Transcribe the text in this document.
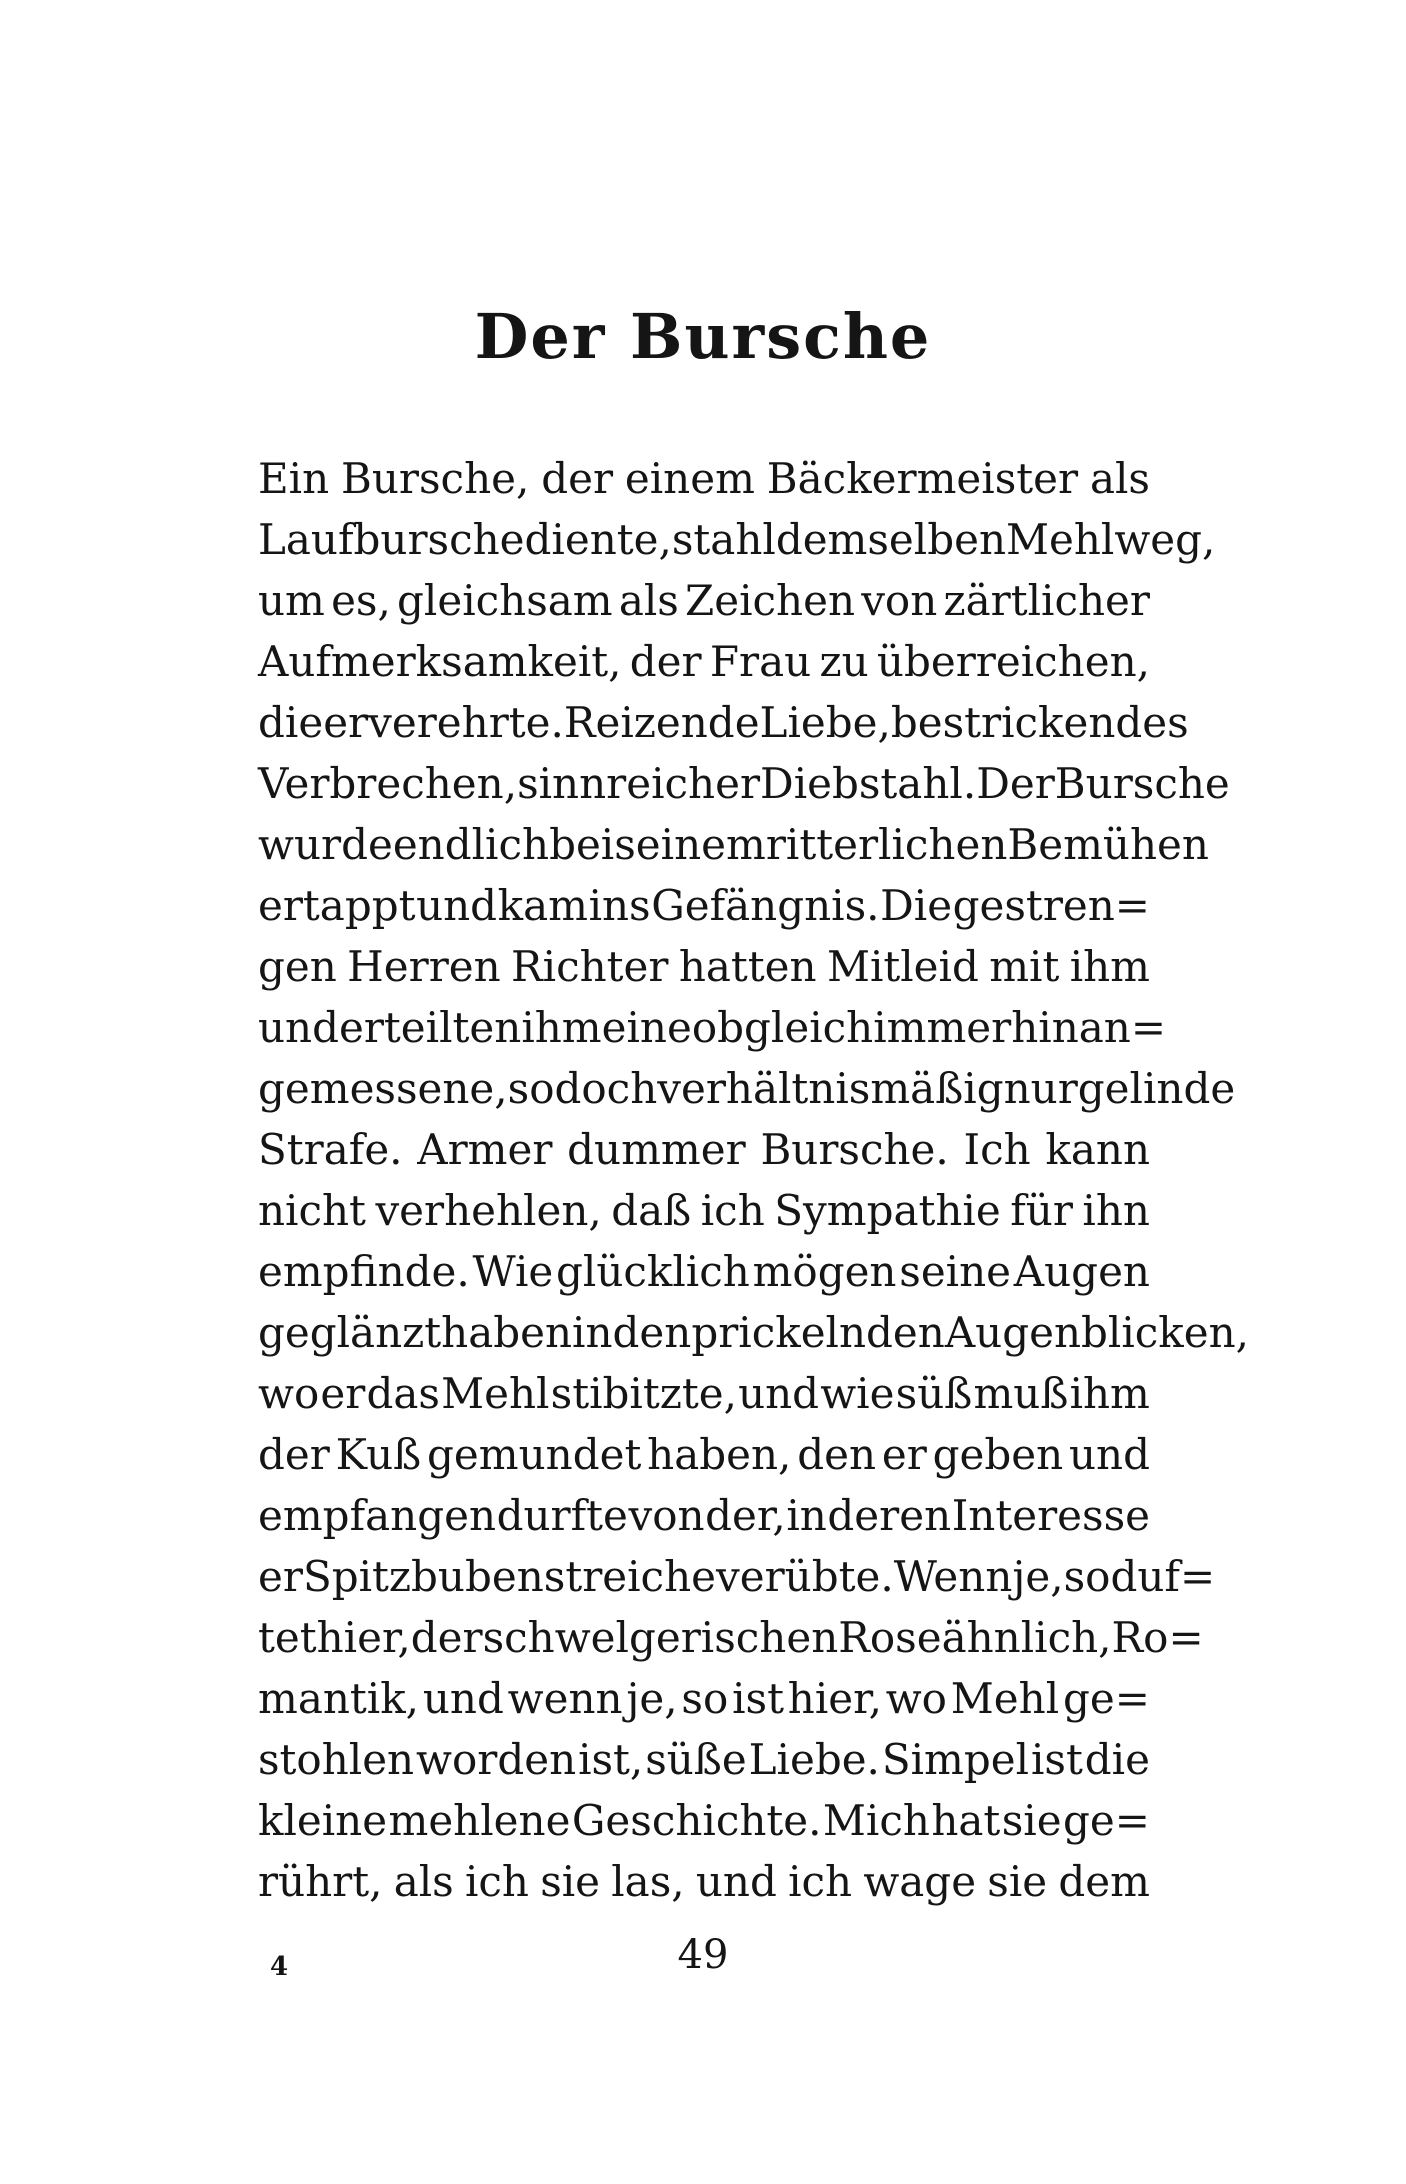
Der Bursche
Ein Bursche, der einem Bäckermeister als
Laufbursche diente, stahl demselben Mehl weg,
um es, gleichsam als Zeichen von zärtlicher
Aufmerksamkeit, der Frau zu überreichen,
die er verehrte. Reizende Liebe, bestrickendes
Verbrechen, sinnreicher Diebstahl. Der Bursche
wurde endlich bei seinem ritterlichen Bemühen
ertappt und kam ins Gefängnis. Die gestren=
gen Herren Richter hatten Mitleid mit ihm
und erteilten ihm eine obgleich immerhin an=
gemessene, so doch verhältnismäßig nur gelinde
Strafe. Armer dummer Bursche. Ich kann
nicht verhehlen, daß ich Sympathie für ihn
empfinde. Wie glücklich mögen seine Augen
geglänzt haben in den prickelnden Augenblicken,
wo er das Mehl stibitzte, und wie süß muß ihm
der Kuß gemundet haben, den er geben und
empfangen durfte von der, in deren Interesse
er Spitzbubenstreiche verübte. Wenn je, so duf=
tet hier, der schwelgerischen Rose ähnlich, Ro=
mantik, und wenn je, so ist hier, wo Mehl ge=
stohlen worden ist, süße Liebe. Simpel ist die
kleine mehlene Geschichte. Mich hat sie ge=
rührt, als ich sie las, und ich wage sie dem
4	49
